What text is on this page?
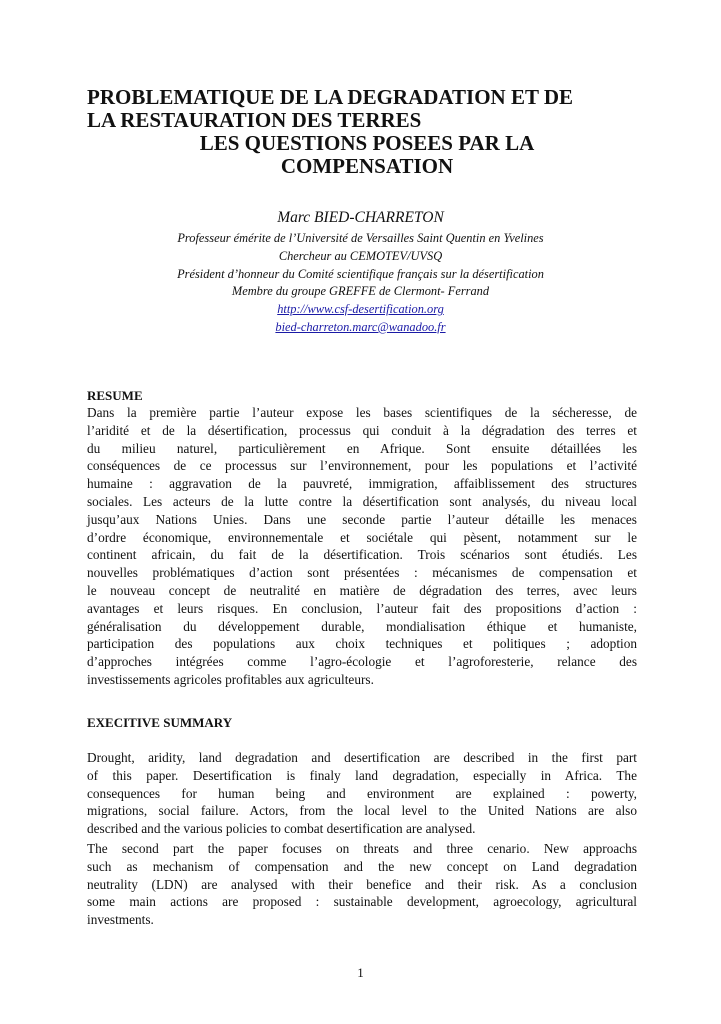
PROBLEMATIQUE DE LA DEGRADATION ET DE
LA RESTAURATION DES TERRES
LES QUESTIONS POSEES PAR LA
COMPENSATION
Marc BIED-CHARRETON
Professeur émérite de l’Université de Versailles Saint Quentin en Yvelines
Chercheur au CEMOTEV/UVSQ
Président d’honneur du Comité scientifique français sur la désertification
Membre du groupe GREFFE de Clermont- Ferrand
http://www.csf-desertification.org
bied-charreton.marc@wanadoo.fr
RESUME
Dans la première partie l’auteur expose les bases scientifiques de la sécheresse, de
l’aridité et de la désertification, processus qui conduit à la dégradation des terres et
du milieu naturel, particulièrement en Afrique. Sont ensuite détaillées les
conséquences de ce processus sur l’environnement, pour les populations et l’activité
humaine : aggravation de la pauvreté, immigration, affaiblissement des structures
sociales. Les acteurs de la lutte contre la désertification sont analysés, du niveau local
jusqu’aux Nations Unies. Dans une seconde partie l’auteur détaille les menaces
d’ordre économique, environnementale et sociétale qui pèsent, notamment sur le
continent africain, du fait de la désertification. Trois scénarios sont étudiés. Les
nouvelles problématiques d’action sont présentées : mécanismes de compensation et
le nouveau concept de neutralité en matière de dégradation des terres, avec leurs
avantages et leurs risques. En conclusion, l’auteur fait des propositions d’action :
généralisation du développement durable, mondialisation éthique et humaniste,
participation des populations aux choix techniques et politiques ; adoption
d’approches intégrées comme l’agro-écologie et l’agroforesterie, relance des
investissements agricoles profitables aux agriculteurs.
EXECITIVE SUMMARY
Drought, aridity, land degradation and desertification are described in the first part
of this paper. Desertification is finaly land degradation, especially in Africa. The
consequences for human being and environment are explained : powerty,
migrations, social failure. Actors, from the local level to the United Nations are also
described and the various policies to combat desertification are analysed.
The second part the paper focuses on threats and three cenario. New approachs
such as mechanism of compensation and the new concept on Land degradation
neutrality (LDN) are analysed with their benefice and their risk. As a conclusion
some main actions are proposed : sustainable development, agroecology, agricultural
investments.
1
